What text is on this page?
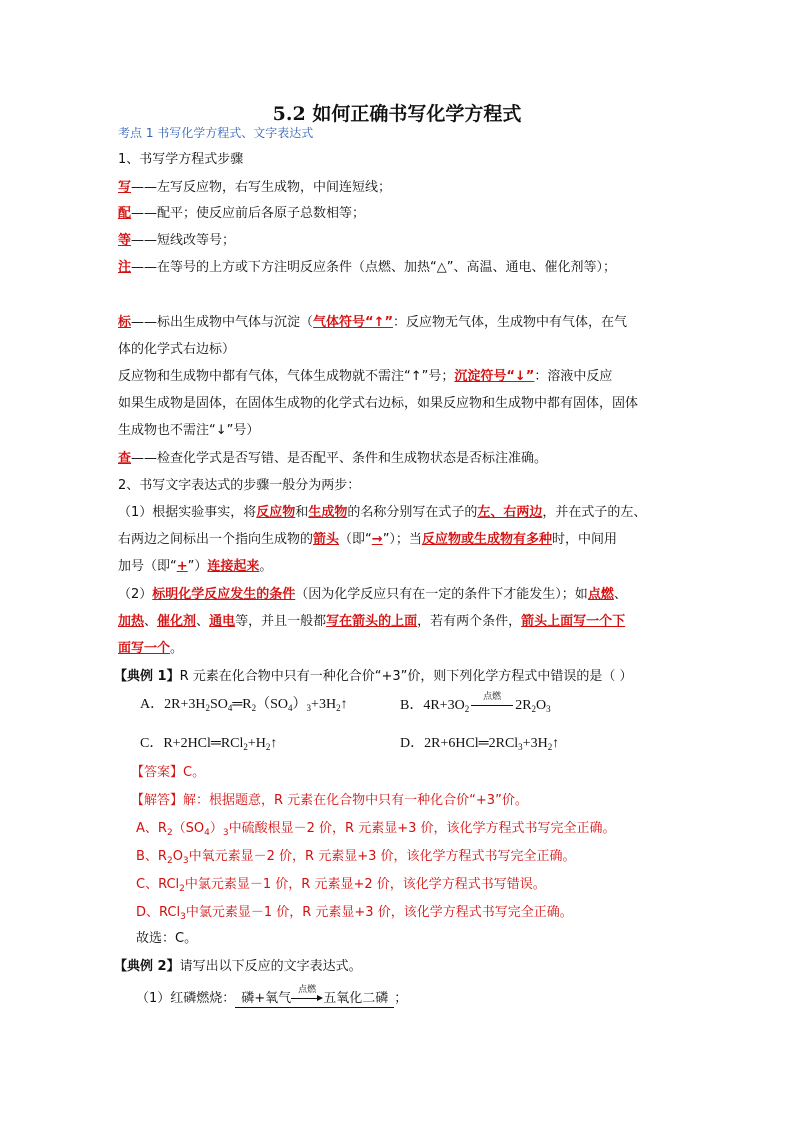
5.2 如何正确书写化学方程式
考点 1 书写化学方程式、文字表达式
1、书写学方程式步骤
写——左写反应物，右写生成物，中间连短线；
配——配平；使反应前后各原子总数相等；
等——短线改等号；
注——在等号的上方或下方注明反应条件（点燃、加热“△”、高温、通电、催化剂等）；
标——标出生成物中气体与沉淀（气体符号“↑”：反应物无气体，生成物中有气体，在气
体的化学式右边标）
反应物和生成物中都有气体，气体生成物就不需注“↑”号；沉淀符号“↓”：溶液中反应
如果生成物是固体，在固体生成物的化学式右边标，如果反应物和生成物中都有固体，固体
生成物也不需注“↓”号）
查——检查化学式是否写错、是否配平、条件和生成物状态是否标注准确。
2、书写文字表达式的步骤一般分为两步：
（1）根据实验事实，将反应物和生成物的名称分别写在式子的左、右两边，并在式子的左、
右两边之间标出一个指向生成物的箭头（即“→”）；当反应物或生成物有多种时，中间用
加号（即“+”）连接起来。
（2）标明化学反应发生的条件（因为化学反应只有在一定的条件下才能发生）；如点燃、
加热、催化剂、通电等，并且一般都写在箭头的上面，若有两个条件，箭头上面写一个下
面写一个。
【典例 1】R 元素在化合物中只有一种化合价“+3”价，则下列化学方程式中错误的是（ ）
A．$2R+3H_2SO_4═R_2(SO_4)_3+3H_2↑$	B．$4R+3O_2$
点燃
$2R_2O_3$
C．$R+2HCl═RCl_2+H_2↑$	D．$2R+6HCl═2RCl_3+3H_2↑$
【答案】C。
【解答】解：根据题意，R 元素在化合物中只有一种化合价“+3”价。
A、$R_2(SO_4)_3$中硫酸根显－2 价，R 元素显+3 价，该化学方程式书写完全正确。
B、$R_2O_3$中氧元素显－2 价，R 元素显+3 价，该化学方程式书写完全正确。
C、RCl$_2$中氯元素显－1 价，R 元素显+2 价，该化学方程式书写错误。
D、RCl$_3$中氯元素显－1 价，R 元素显+3 价，该化学方程式书写完全正确。
故选：C。
【典例 2】请写出以下反应的文字表达式。
（1）红磷燃烧： 磷+氧气
点燃
五氧化二磷 ；
